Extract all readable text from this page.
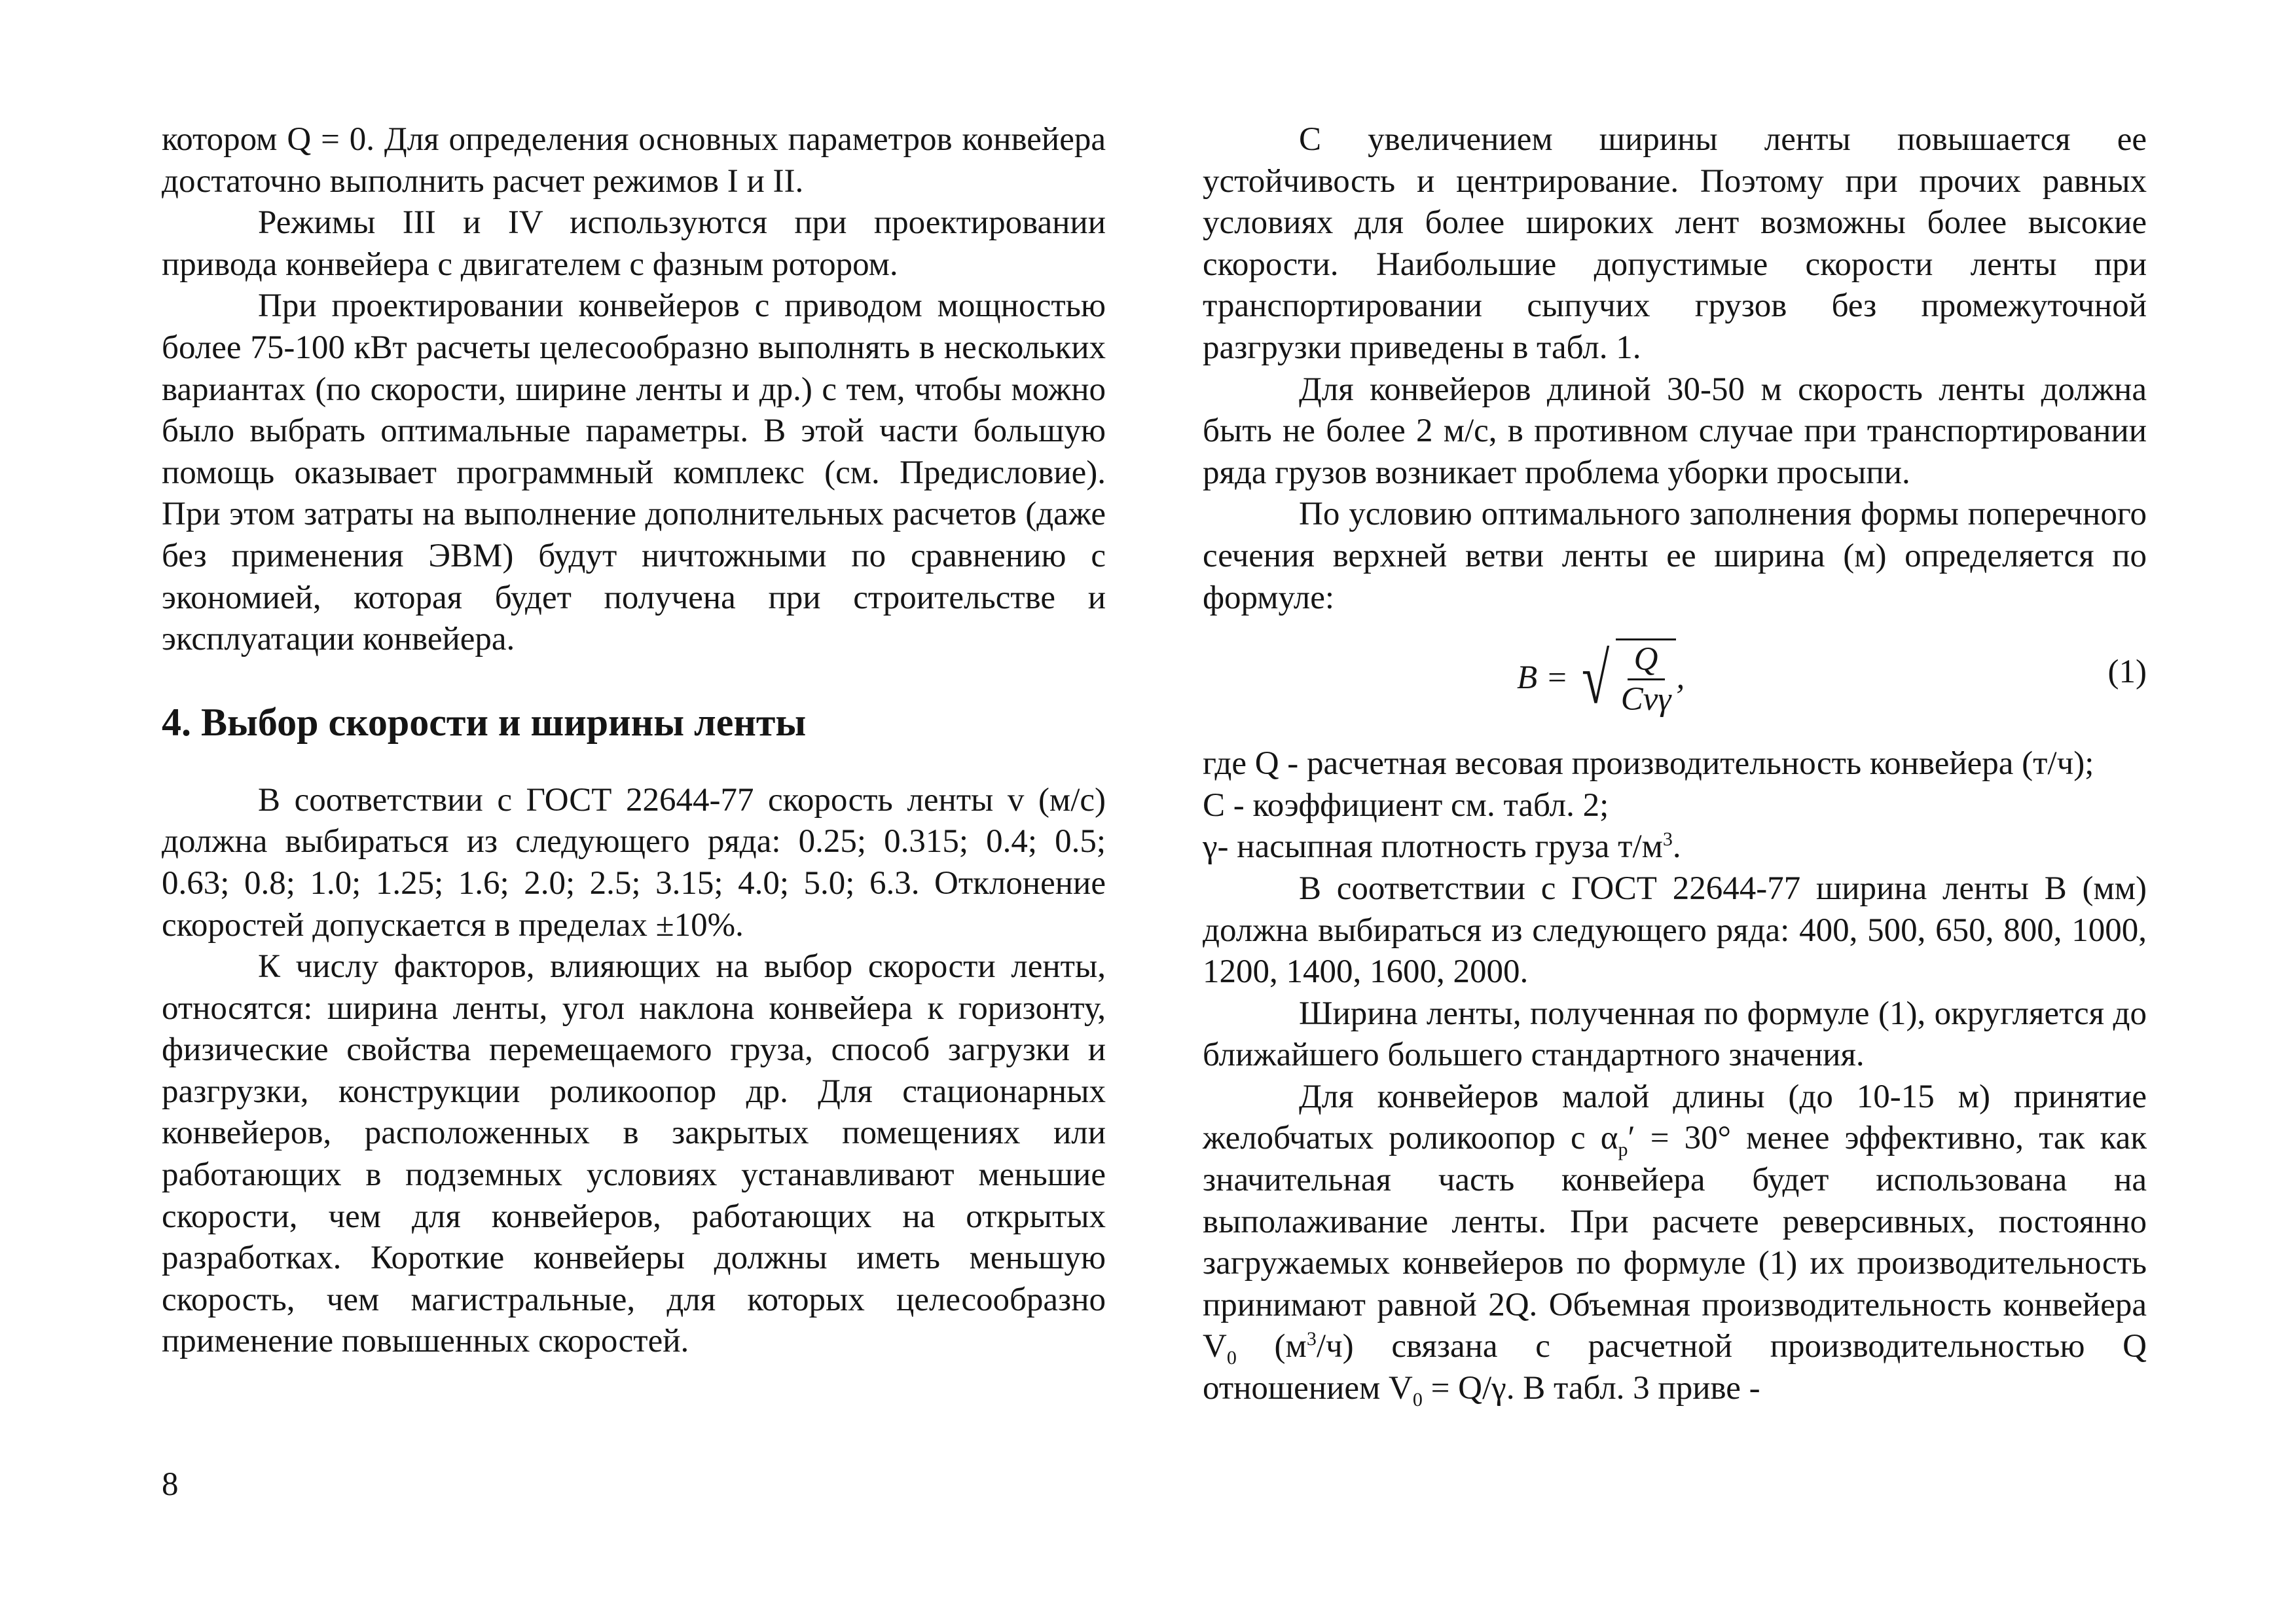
котором Q = 0. Для определения основных параметров конвейера достаточно выполнить расчет режимов I и II.

Режимы III и IV используются при проектировании привода конвейера с двигателем с фазным ротором.

При проектировании конвейеров с приводом мощностью более 75-100 кВт расчеты целесообразно выполнять в нескольких вариантах (по скорости, ширине ленты и др.) с тем, чтобы можно было выбрать оптимальные параметры. В этой части большую помощь оказывает программный комплекс (см. Предисловие). При этом затраты на выполнение дополнительных расчетов (даже без применения ЭВМ) будут ничтожными по сравнению с экономией, которая будет получена при строительстве и эксплуатации конвейера.

4. Выбор скорости и ширины ленты

В соответствии с ГОСТ 22644-77 скорость ленты v (м/с) должна выбираться из следующего ряда: 0.25; 0.315; 0.4; 0.5; 0.63; 0.8; 1.0; 1.25; 1.6; 2.0; 2.5; 3.15; 4.0; 5.0; 6.3. Отклонение скоростей допускается в пределах ±10%.

К числу факторов, влияющих на выбор скорости ленты, относятся: ширина ленты, угол наклона конвейера к горизонту, физические свойства перемещаемого груза, способ загрузки и разгрузки, конструкции роликоопор др. Для стационарных конвейеров, расположенных в закрытых помещениях или работающих в подземных условиях устанавливают меньшие скорости, чем для конвейеров, работающих на открытых разработках. Короткие конвейеры должны иметь меньшую скорость, чем магистральные, для которых целесообразно применение повышенных скоростей.

С увеличением ширины ленты повышается ее устойчивость и центрирование. Поэтому при прочих равных условиях для более широких лент возможны более высокие скорости. Наибольшие допустимые скорости ленты при транспортировании сыпучих грузов без промежуточной разгрузки приведены в табл. 1.

Для конвейеров длиной 30-50 м скорость ленты должна быть не более 2 м/с, в противном случае при транспортировании ряда грузов возникает проблема уборки просыпи.

По условию оптимального заполнения формы поперечного сечения верхней ветви ленты ее ширина (м) определяется по формуле:

B = √ $\frac{Q}{\text{Cvγ}}$ ,	(1)

где Q - расчетная весовая производительность конвейера (т/ч);

C - коэффициент см. табл. 2;

γ- насыпная плотность груза $т/м^3$.

В соответствии с ГОСТ 22644-77 ширина ленты В (мм) должна выбираться из следующего ряда: 400, 500, 650, 800, 1000, 1200, 1400, 1600, 2000.

Ширина ленты, полученная по формуле (1), округляется до ближайшего большего стандартного значения.

Для конвейеров малой длины (до 10-15 м) принятие желобчатых роликоопор с $\alpha_р' = 30^\circ$ менее эффективно, так как значительная часть конвейера будет использована на выполаживание ленты. При расчете реверсивных, постоянно загружаемых конвейеров по формуле (1) их производительность принимают равной 2Q. Объемная производительность конвейера $V_0$ $(м^3/ч)$ связана с расчетной производительностью Q отношением $V_0 = Q/\gamma$. В табл. 3 приве -

8
